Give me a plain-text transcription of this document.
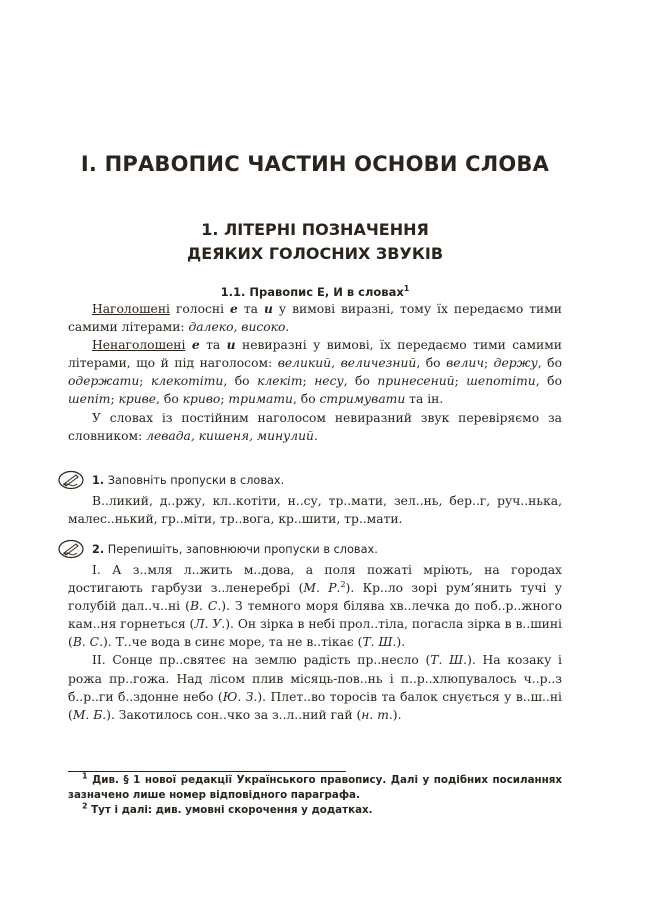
І. ПРАВОПИС ЧАСТИН ОСНОВИ СЛОВА
1. ЛІТЕРНІ ПОЗНАЧЕННЯ
ДЕЯКИХ ГОЛОСНИХ ЗВУКІВ
1.1. Правопис Е, И в словах$^1$

Наголошені голосні е та и у вимові виразні, тому їх передаємо тими самими літерами: далеко, високо.

Ненаголошені е та и невиразні у вимові, їх передаємо тими самими літерами, що й під наголосом: великий, величезний, бо велич; держу, бо одержати; клекотіти, бо клекіт; несу, бо принесений; шепотіти, бо шепіт; криве, бо криво; тримати, бо стримувати та ін.

У словах із постійним наголосом невиразний звук перевіряємо за словником: левада, кишеня, минулий.

1. Заповніть пропуски в словах.

В..ликий, д..ржу, кл..котіти, н..су, тр..мати, зел..нь, бер..г, руч..нька, малес..нький, гр..міти, тр..вога, кр..шити, тр..мати.

2. Перепишіть, заповнюючи пропуски в словах.

І. А з..мля л..жить м..дова, а поля пожаті мріють, на городах достигають гарбузи з..ленеребрі (М. Р.$^2$). Кр..ло зорі рум’янить тучі у голубій дал..ч..ні (В. С.). З темного моря білява хв..лечка до поб..р..жного кам..ня горнеться (Л. У.). Он зірка в небі прол..тіла, погасла зірка в в..шині (В. С.). Т..че вода в синє море, та не в..тікає (Т. Ш.).

ІІ. Сонце пр..святеє на землю радість пр..несло (Т. Ш.). На козаку і рожа пр..гожа. Над лісом плив місяць-пов..нь і п..р..хлюпувалось ч..р..з б..р..ги б..здонне небо (Ю. З.). Плет..во торосів та балок снується у в..ш..ні (М. Б.). Закотилось сон..чко за з..л..ний гай (н. т.).

$^1$ Див. § 1 нової редакції Українського правопису. Далі у подібних посиланнях зазначено лише номер відповідного параграфа.

$^2$ Тут і далі: див. умовні скорочення у додатках.
